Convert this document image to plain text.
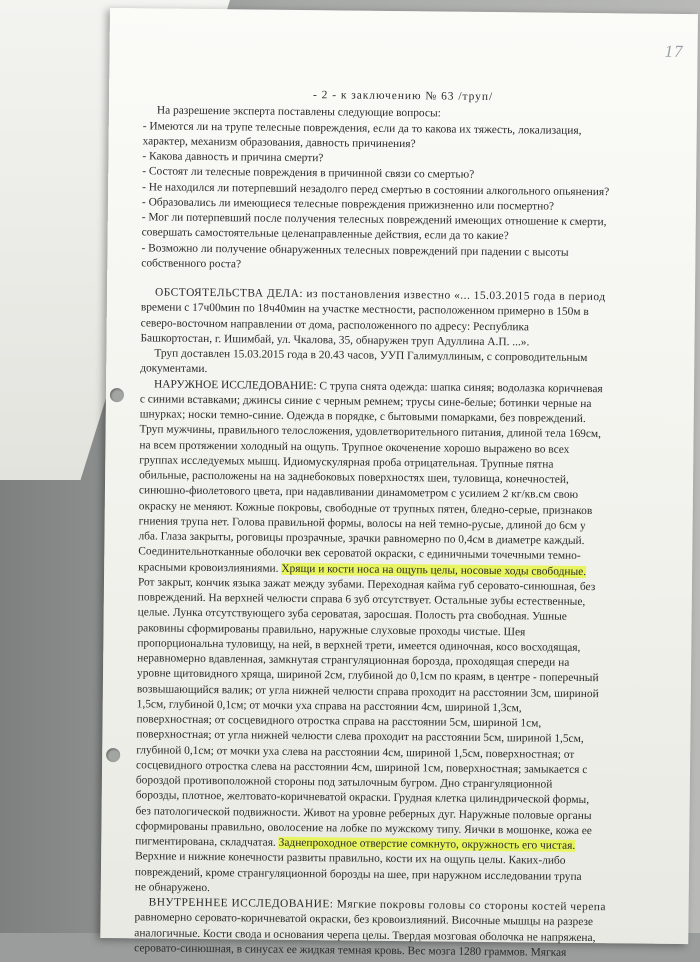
17
- 2 - к заключению № 63 /труп/
На разрешение эксперта поставлены следующие вопросы:
- Имеются ли на трупе телесные повреждения, если да то какова их тяжесть, локализация,
характер, механизм образования, давность причинения?
- Какова давность и причина смерти?
- Состоят ли телесные повреждения в причинной связи со смертью?
- Не находился ли потерпевший незадолго перед смертью в состоянии алкогольного опьянения?
- Образовались ли имеющиеся телесные повреждения прижизненно или посмертно?
- Мог ли потерпевший после получения телесных повреждений имеющих отношение к смерти,
совершать самостоятельные целенаправленные действия, если да то какие?
- Возможно ли получение обнаруженных телесных повреждений при падении с высоты
собственного роста?
ОБСТОЯТЕЛЬСТВА ДЕЛА: из постановления известно «... 15.03.2015 года в период
времени с 17ч00мин по 18ч40мин на участке местности, расположенном примерно в 150м в
северо-восточном направлении от дома, расположенного по адресу: Республика
Башкортостан, г. Ишимбай, ул. Чкалова, 35, обнаружен труп Адуллина А.П. ...».
Труп доставлен 15.03.2015 года в 20.43 часов, УУП Галимуллиным, с сопроводительным
документами.
НАРУЖНОЕ ИССЛЕДОВАНИЕ: С трупа снята одежда: шапка синяя; водолазка коричневая
с синими вставками; джинсы синие с черным ремнем; трусы сине-белые; ботинки черные на
шнурках; носки темно-синие. Одежда в порядке, с бытовыми помарками, без повреждений.
Труп мужчины, правильного телосложения, удовлетворительного питания, длиной тела 169см,
на всем протяжении холодный на ощупь. Трупное окоченение хорошо выражено во всех
группах исследуемых мышц. Идиомускулярная проба отрицательная. Трупные пятна
обильные, расположены на на заднебоковых поверхностях шеи, туловища, конечностей,
синюшно-фиолетового цвета, при надавливании динамометром с усилием 2 кг/кв.см свою
окраску не меняют. Кожные покровы, свободные от трупных пятен, бледно-серые, признаков
гниения трупа нет. Голова правильной формы, волосы на ней темно-русые, длиной до 6см у
лба. Глаза закрыты, роговицы прозрачные, зрачки равномерно по 0,4см в диаметре каждый.
Соединительнотканные оболочки век сероватой окраски, с единичными точечными темно-
красными кровоизлияниями. Хрящи и кости носа на ощупь целы, носовые ходы свободные.
Рот закрыт, кончик языка зажат между зубами. Переходная кайма губ серовато-синюшная, без
повреждений. На верхней челюсти справа 6 зуб отсутствует. Остальные зубы естественные,
целые. Лунка отсутствующего зуба сероватая, заросшая. Полость рта свободная. Ушные
раковины сформированы правильно, наружные слуховые проходы чистые. Шея
пропорциональна туловищу, на ней, в верхней трети, имеется одиночная, косо восходящая,
неравномерно вдавленная, замкнутая странгуляционная борозда, проходящая спереди на
уровне щитовидного хряща, шириной 2см, глубиной до 0,1см по краям, в центре - поперечный
возвышающийся валик; от угла нижней челюсти справа проходит на расстоянии 3см, шириной
1,5см, глубиной 0,1см; от мочки уха справа на расстоянии 4см, шириной 1,3см,
поверхностная; от сосцевидного отростка справа на расстоянии 5см, шириной 1см,
поверхностная; от угла нижней челюсти слева проходит на расстоянии 5см, шириной 1,5см,
глубиной 0,1см; от мочки уха слева на расстоянии 4см, шириной 1,5см, поверхностная; от
сосцевидного отростка слева на расстоянии 4см, шириной 1см, поверхностная; замыкается с
бороздой противоположной стороны под затылочным бугром. Дно странгуляционной
борозды, плотное, желтовато-коричневатой окраски. Грудная клетка цилиндрической формы,
без патологической подвижности. Живот на уровне реберных дуг. Наружные половые органы
сформированы правильно, оволосение на лобке по мужскому типу. Яички в мошонке, кожа ее
пигментирована, складчатая. Заднепроходное отверстие сомкнуто, окружность его чистая.
Верхние и нижние конечности развиты правильно, кости их на ощупь целы. Каких-либо
повреждений, кроме странгуляционной борозды на шее, при наружном исследовании трупа
не обнаружено.
ВНУТРЕННЕЕ ИССЛЕДОВАНИЕ: Мягкие покровы головы со стороны костей черепа
равномерно серовато-коричневатой окраски, без кровоизлияний. Височные мышцы на разрезе
аналогичные. Кости свода и основания черепа целы. Твердая мозговая оболочка не напряжена,
серовато-синюшная, в синусах ее жидкая темная кровь. Вес мозга 1280 граммов. Мягкая
